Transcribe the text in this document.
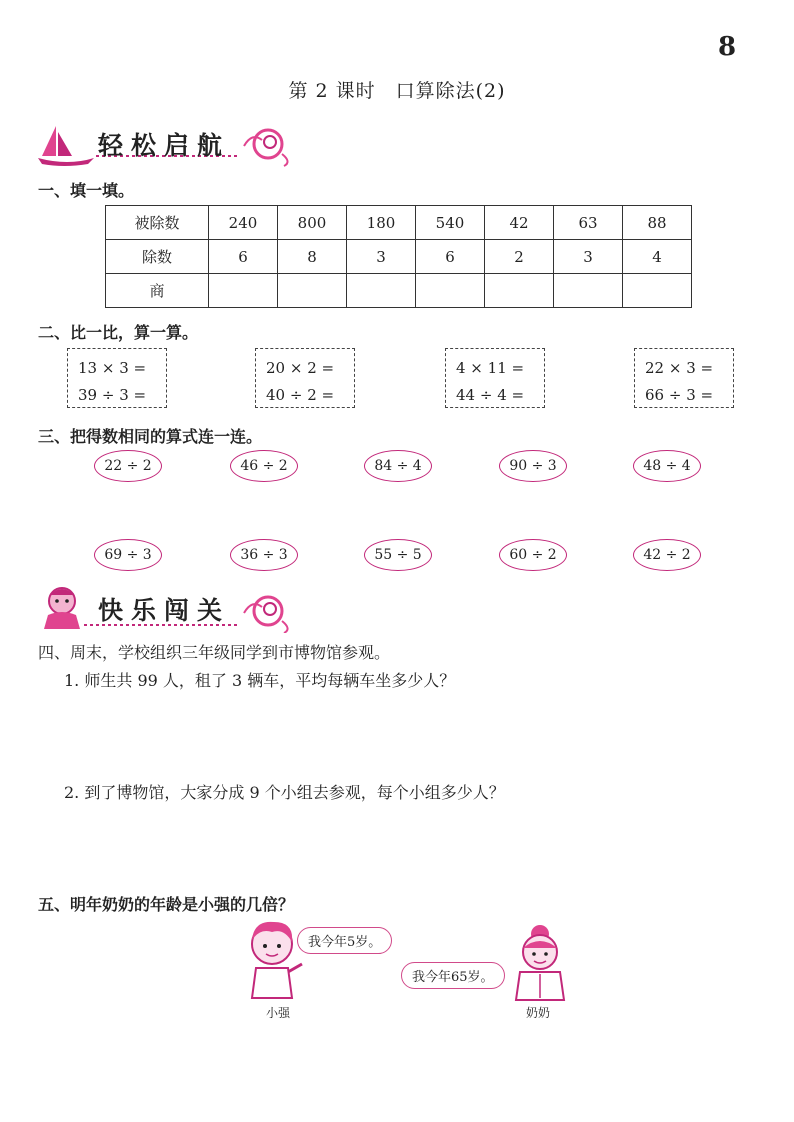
8
第 2 课时　口算除法(2)
轻松启航
一、填一填。
被除数	240	800	180	540	42	63	88
除数	6	8	3	6	2	3	4
商							
二、比一比，算一算。
13 × 3 =
39 ÷ 3 =
20 × 2 =
40 ÷ 2 =
4 × 11 =
44 ÷ 4 =
22 × 3 =
66 ÷ 3 =
三、把得数相同的算式连一连。
22 ÷ 2	46 ÷ 2	84 ÷ 4	90 ÷ 3	48 ÷ 4
69 ÷ 3	36 ÷ 3	55 ÷ 5	60 ÷ 2	42 ÷ 2
快乐闯关
四、周末，学校组织三年级同学到市博物馆参观。
1. 师生共 99 人，租了 3 辆车，平均每辆车坐多少人？
2. 到了博物馆，大家分成 9 个小组去参观，每个小组多少人？
五、明年奶奶的年龄是小强的几倍？
我今年5岁。
小强
我今年65岁。
奶奶
